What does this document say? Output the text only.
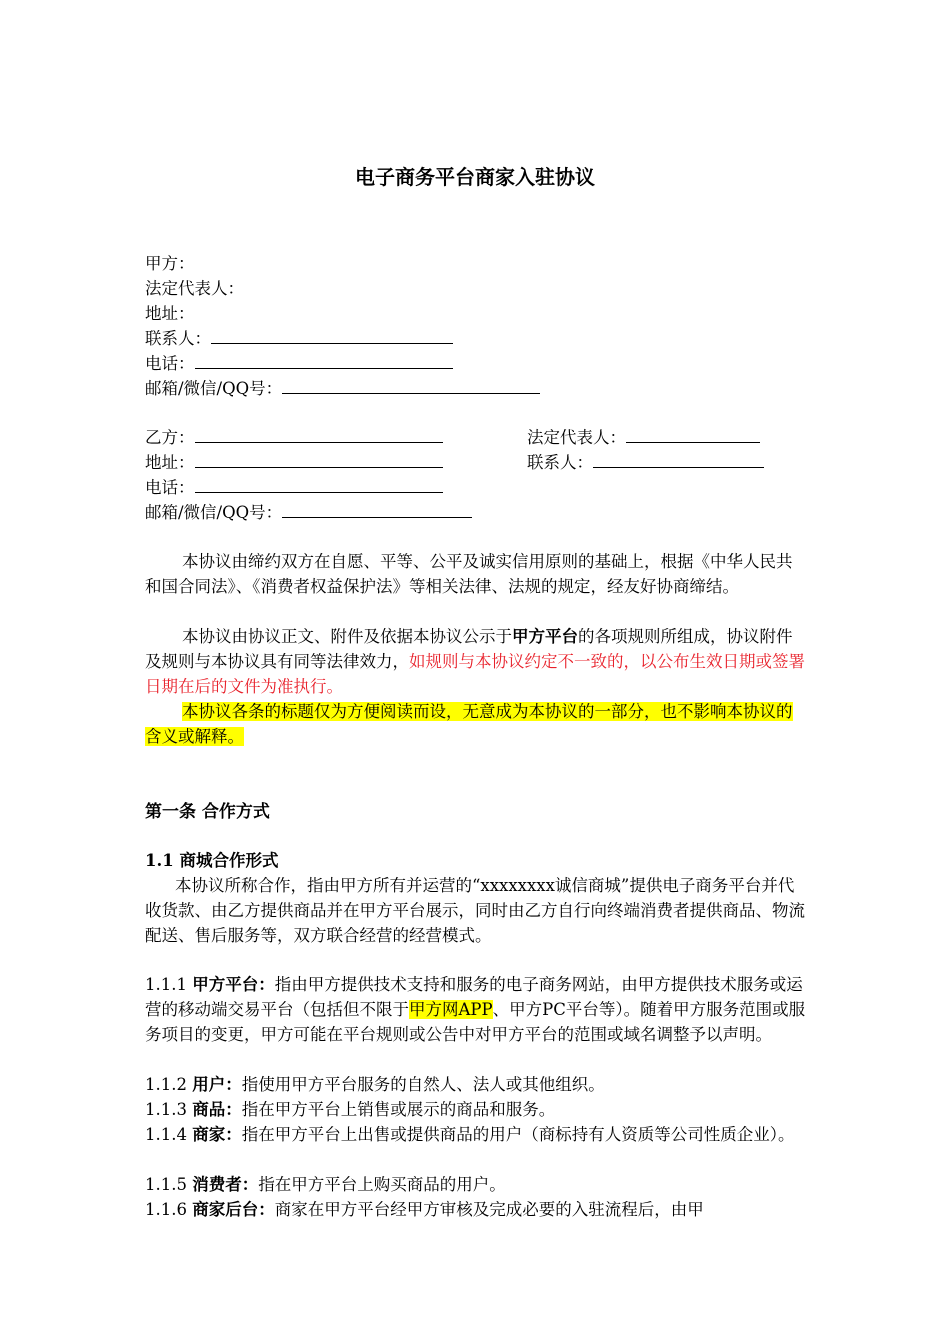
电子商务平台商家入驻协议
甲方：
法定代表人：
地址：
联系人：
电话：
邮箱/微信/QQ号：
乙方：	法定代表人：
地址：	联系人：
电话：
邮箱/微信/QQ号：
本协议由缔约双方在自愿、平等、公平及诚实信用原则的基础上，根据《中华人民共和国合同法》、《消费者权益保护法》等相关法律、法规的规定，经友好协商缔结。
本协议由协议正文、附件及依据本协议公示于甲方平台的各项规则所组成，协议附件及规则与本协议具有同等法律效力，如规则与本协议约定不一致的，以公布生效日期或签署日期在后的文件为准执行。
本协议各条的标题仅为方便阅读而设，无意成为本协议的一部分，也不影响本协议的含义或解释。
第一条 合作方式
1.1 商城合作形式
本协议所称合作，指由甲方所有并运营的“xxxxxxxx诚信商城”提供电子商务平台并代收货款、由乙方提供商品并在甲方平台展示，同时由乙方自行向终端消费者提供商品、物流配送、售后服务等，双方联合经营的经营模式。
1.1.1 甲方平台：指由甲方提供技术支持和服务的电子商务网站，由甲方提供技术服务或运营的移动端交易平台（包括但不限于甲方网APP、甲方PC平台等）。随着甲方服务范围或服务项目的变更，甲方可能在平台规则或公告中对甲方平台的范围或域名调整予以声明。
1.1.2 用户：指使用甲方平台服务的自然人、法人或其他组织。
1.1.3 商品：指在甲方平台上销售或展示的商品和服务。
1.1.4 商家：指在甲方平台上出售或提供商品的用户（商标持有人资质等公司性质企业）。
1.1.5 消费者：指在甲方平台上购买商品的用户。
1.1.6 商家后台：商家在甲方平台经甲方审核及完成必要的入驻流程后，由甲
